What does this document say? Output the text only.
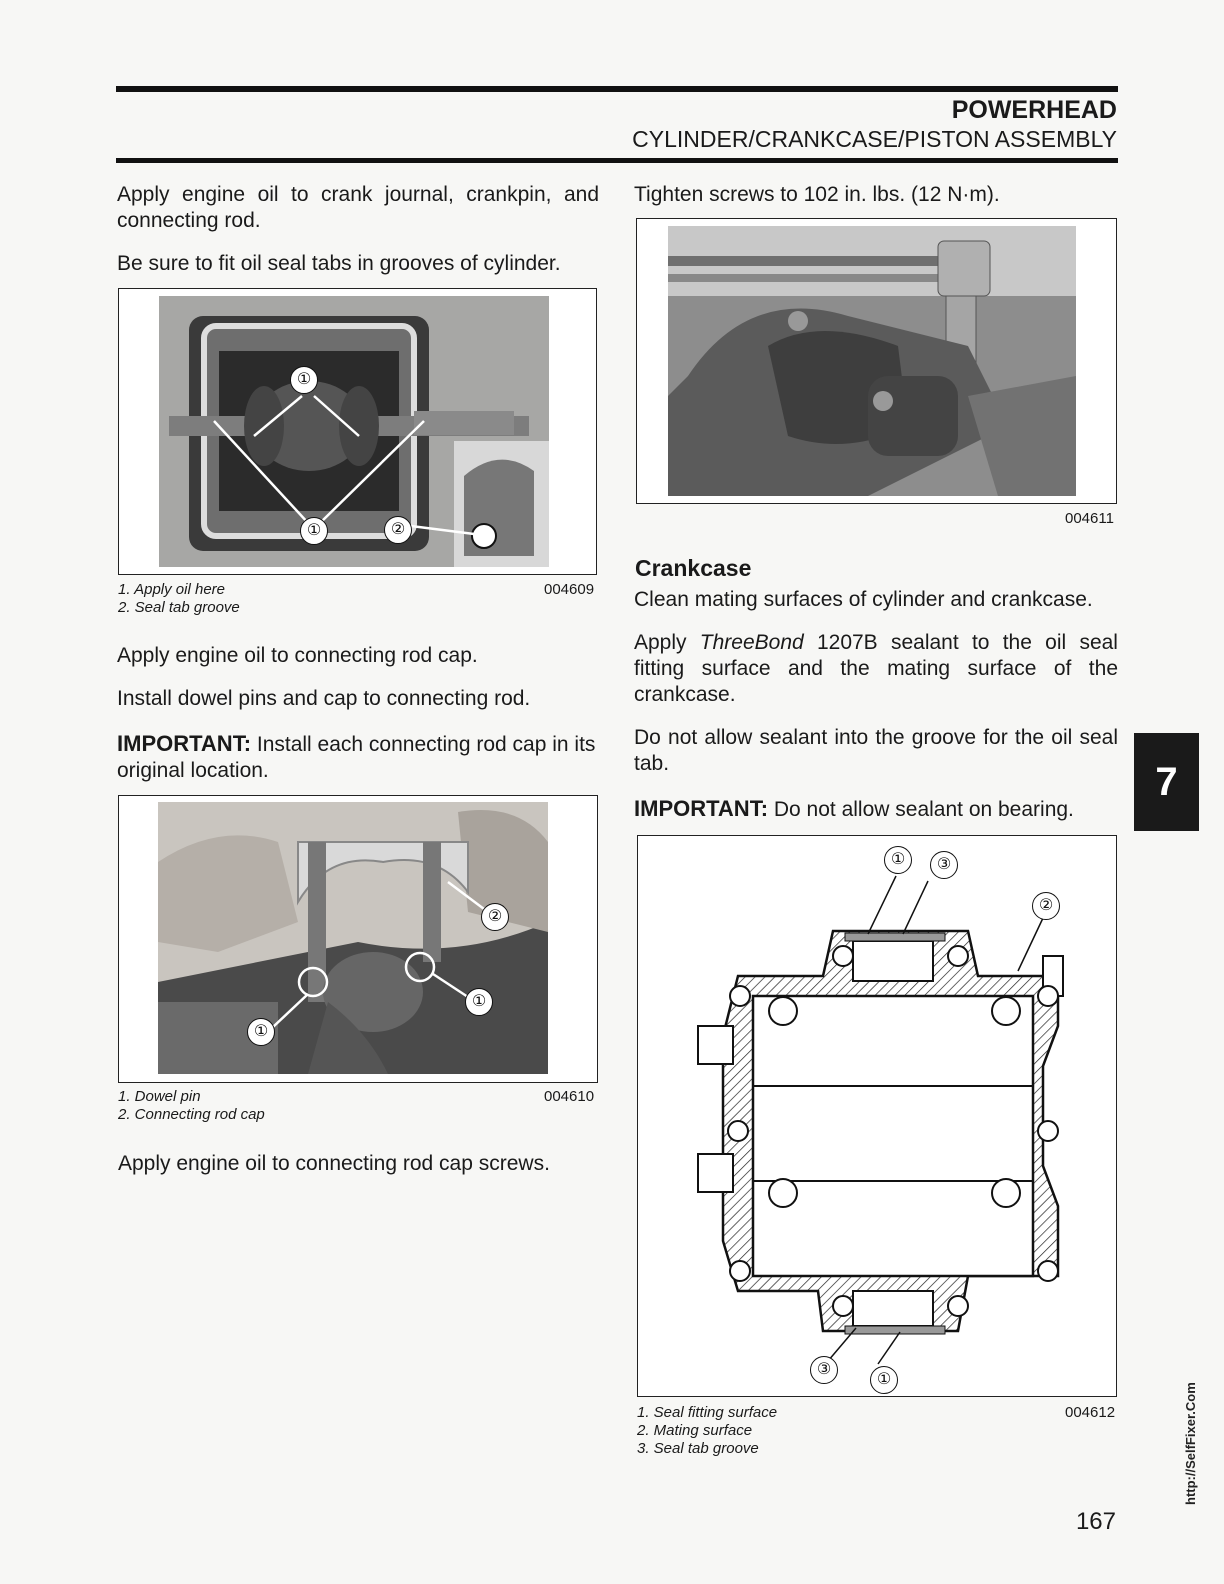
POWERHEAD
CYLINDER/CRANKCASE/PISTON ASSEMBLY

Apply engine oil to crank journal, crankpin, and connecting rod.

Be sure to fit oil seal tabs in grooves of cylinder.

①
①	②
1. Apply oil here
2. Seal tab groove
004609

Apply engine oil to connecting rod cap.

Install dowel pins and cap to connecting rod.

IMPORTANT: Install each connecting rod cap in its original location.

②
①
①
1. Dowel pin
2. Connecting rod cap
004610

Apply engine oil to connecting rod cap screws.

Tighten screws to 102 in. lbs. (12 N·m).

004611
Crankcase

Clean mating surfaces of cylinder and crankcase.

Apply ThreeBond 1207B sealant to the oil seal fitting surface and the mating surface of the crankcase.

Do not allow sealant into the groove for the oil seal tab.

IMPORTANT: Do not allow sealant on bearing.

①	③
②
③
①
1. Seal fitting surface
2. Mating surface
3. Seal tab groove
004612
7
http://SelfFixer.Com
167
